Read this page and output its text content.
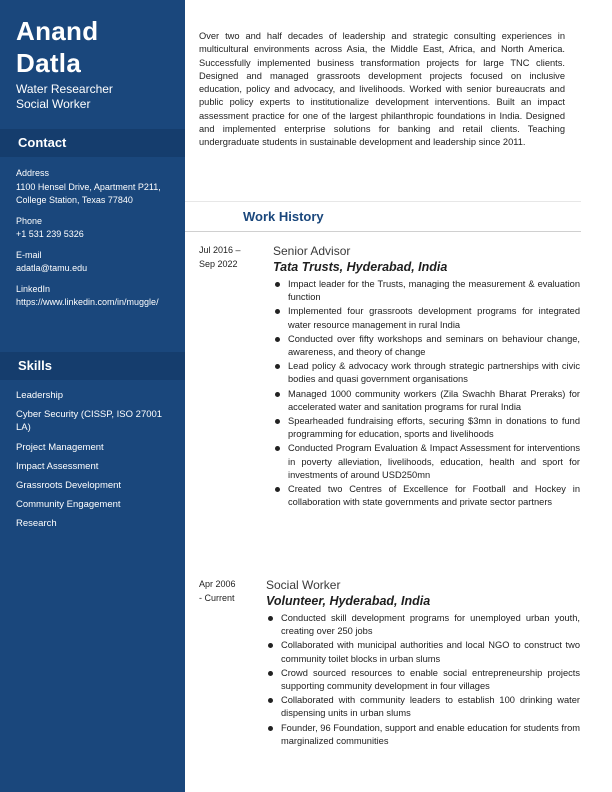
Anand
Datla
Water Researcher
Social Worker
Contact
Address
1100 Hensel Drive, Apartment P211, College Station, Texas 77840
Phone
+1 531 239 5326
E-mail
adatla@tamu.edu
LinkedIn
https://www.linkedin.com/in/muggle/
Skills
Leadership
Cyber Security (CISSP, ISO 27001 LA)
Project Management
Impact Assessment
Grassroots Development
Community Engagement
Research
Over two and half decades of leadership and strategic consulting experiences in multicultural environments across Asia, the Middle East, Africa, and North America. Successfully implemented business transformation projects for large TNC clients. Designed and managed grassroots development projects focused on inclusive education, policy and advocacy, and livelihoods. Worked with senior bureaucrats and public policy experts to institutionalize development interventions. Built an impact assessment practice for one of the largest philanthropic foundations in India. Designed and implemented enterprise solutions for banking and retail clients. Teaching undergraduate students in sustainable development and leadership since 2011.
Work History
Jul 2016 –
Sep 2022
Senior Advisor
Tata Trusts, Hyderabad, India
Impact leader for the Trusts, managing the measurement & evaluation function
Implemented four grassroots development programs for integrated water resource management in rural India
Conducted over fifty workshops and seminars on behaviour change, awareness, and theory of change
Lead policy & advocacy work through strategic partnerships with civic bodies and quasi government organisations
Managed 1000 community workers (Zila Swachh Bharat Preraks) for accelerated water and sanitation programs for rural India
Spearheaded fundraising efforts, securing $3mn in donations to fund programming for education, sports and livelihoods
Conducted Program Evaluation & Impact Assessment for interventions in poverty alleviation, livelihoods, education, health and sport for investments of around USD250mn
Created two Centres of Excellence for Football and Hockey in collaboration with state governments and private sector partners
Apr 2006
- Current
Social Worker
Volunteer, Hyderabad, India
Conducted skill development programs for unemployed urban youth, creating over 250 jobs
Collaborated with municipal authorities and local NGO to construct two community toilet blocks in urban slums
Crowd sourced resources to enable social entrepreneurship projects supporting community development in four villages
Collaborated with community leaders to establish 100 drinking water dispensing units in urban slums
Founder, 96 Foundation, support and enable education for students from marginalized communities
